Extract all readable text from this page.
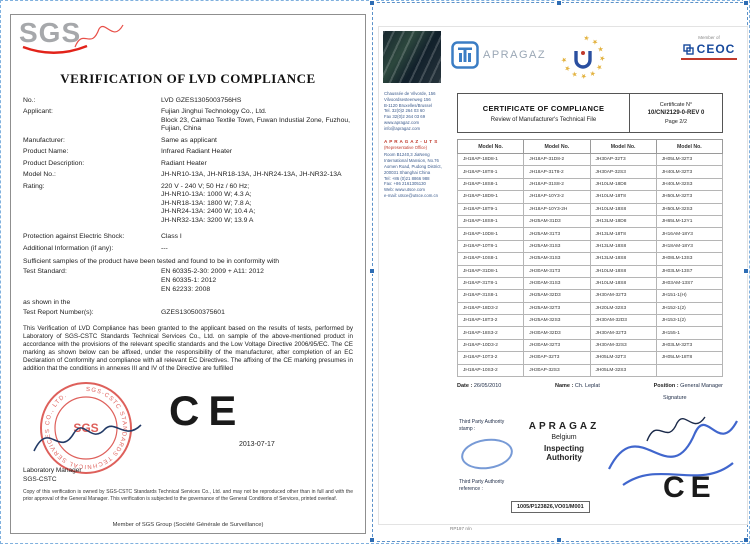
SGS
VERIFICATION OF LVD COMPLIANCE
No.:	LVD GZES1305003756HS
Applicant:	Fujian Jinghui Technology Co., Ltd.
Block 23, Caimao Textile Town, Fuwan Industial Zone, Fuzhou,
Fujian, China
Manufacturer:	Same as applicant
Product Name:	Infrared Radiant Heater
Product Description:	Radiant Heater
Model No.:	JH-NR10-13A, JH-NR18-13A, JH-NR24-13A, JH-NR32-13A
Rating:	220 V - 240 V; 50 Hz / 60 Hz;
JH-NR10-13A: 1000 W; 4.3 A;
JH-NR18-13A: 1800 W; 7.8 A;
JH-NR24-13A: 2400 W; 10.4 A;
JH-NR32-13A: 3200 W; 13.9 A
Protection against Electric Shock:	Class I
Additional Information (if any):	---
Sufficient samples of the product have been tested and found to be in conformity with
Test Standard:	EN 60335-2-30: 2009 + A11: 2012
EN 60335-1: 2012
EN 62233: 2008
as shown in the
Test Report Number(s):	GZES130500375601
This Verification of LVD Compliance has been granted to the applicant based on the results of tests, performed by Laboratory of SGS-CSTC Standards Technical Services Co., Ltd. on sample of the above-mentioned product in accordance with the provisions of the relevant specific standards and the Low Voltage Directive 2006/95/EC. The CE marking as shown below can be affixed, under the responsibility of the manufacturer, after completion of an EC Declaration of Conformity and compliance with all relevant EC Directives. The affixing of the CE marking presumes in addition that the conditions in annexes III and IV of the Directive are fulfilled
SGS-CSTC STANDARDS TECHNICAL SERVICES CO., LTD.
SGS CE
2013-07-17
Laboratory Manager
SGS-CSTC
Copy of this verification is owned by SGS-CSTC Standards Technical Services Co., Ltd. and may not be reproduced other than in full and with the prior approval of the General Manager. This verification is subjected to the governance of the General Conditions of Services, printed overleaf.
Member of SGS Group (Société Générale de Surveillance)
APRAGAZ
★ ★ ★ ★ ★ ★ ★ ★ ★ ★
Member of
CEOC
Chaussée de Vilvorde, 156
Vilvoordsesteenweg 156
B-1120 Bruxelles/Brussel
Tel. 32(0)2 264 03 60
Fax 32(0)2 264 03 69
www.apragaz.com
info@apragaz.com
A P R A G A Z - U T S
(Representative Office)
Room B1240,3 JiaNeng
International Mansion, No.76
Aomen Road, Pudong District,
200031 Shanghai China
Tel: +86 (0)21 8866 988
Fax: +86 2161305130
Web: www.utsce.com
e-mail: utsce@utsce.com.cn
CERTIFICATE OF COMPLIANCE
Review of Manufacturer's Technical File
Certificate N°
10/CN/2129-0-REV 0
Page 2/2
Model No.	Model No.	Model No.	Model No.
JH18AP-18D8-1	JH18AP-31D8-2	JH30AP-32T3	JH05LM-32T3
JH18AP-18T8-1	JH18AP-31T8-2	JH30AP-32S3	JH40LM-32T3
JH18AP-18S8-1	JH18AP-31S8-2	JH10LM-18D8	JH40LM-32S3
JH18AP-18D9-1	JH18AP-10Y3-2	JH10LM-18T8	JH50LM-32T3
JH18AP-18T9-1	JH18AP-10Y3-2H	JH10LM-18S8	JH50LM-32S3
JH18AP-18S9-1	JH25AM-31D3	JH13LM-18D8	JH65LM-12Y1
JH18AP-10D8-1	JH25AM-31T3	JH13LM-18T8	JH16AM-18Y3
JH18AP-10T8-1	JH25AM-31S3	JH13LM-18S8	JH18AM-18Y3
JH18AP-10S8-1	JH25AM-31S3	JH13LM-18S8	JH08LM-13S3
JH18AP-31D8-1	JH30AM-31T3	JH10LM-18S8	JH03LM-13S7
JH18AP-31T8-1	JH30AM-31S3	JH10LM-18S8	JH03AM-13S7
JH18AP-31S8-1	JH25AM-32D3	JH30AM-32T3	JH151-1(H)
JH18AP-18D3-2	JH25AM-32T3	JH20LM-32S3	JH152-1(2)
JH18AP-18T3-2	JH25AM-32S3	JH30AM-32D3	JH153-1(2)
JH18AP-18S3-2	JH30AM-32D3	JH30AM-32T3	JH155-1
JH18AP-10D3-2	JH30AM-32T3	JH30AM-32S3	JH03LM-32T3
JH18AP-10T3-2	JH30AP-32T3	JH05LM-32T3	JH05LM-18T8
JH18AP-10S3-2	JH30AP-32S3	JH05LM-32S3	
Date : 26/05/2010	Name : Ch. Leplat	Position : General Manager
Signature
APRAGAZ
Belgium
Inspecting
Authority
Third Party Authority
stamp :
Third Party Authority
reference :
1005/P123826,VO01/M001
CE
RP197 n/n
